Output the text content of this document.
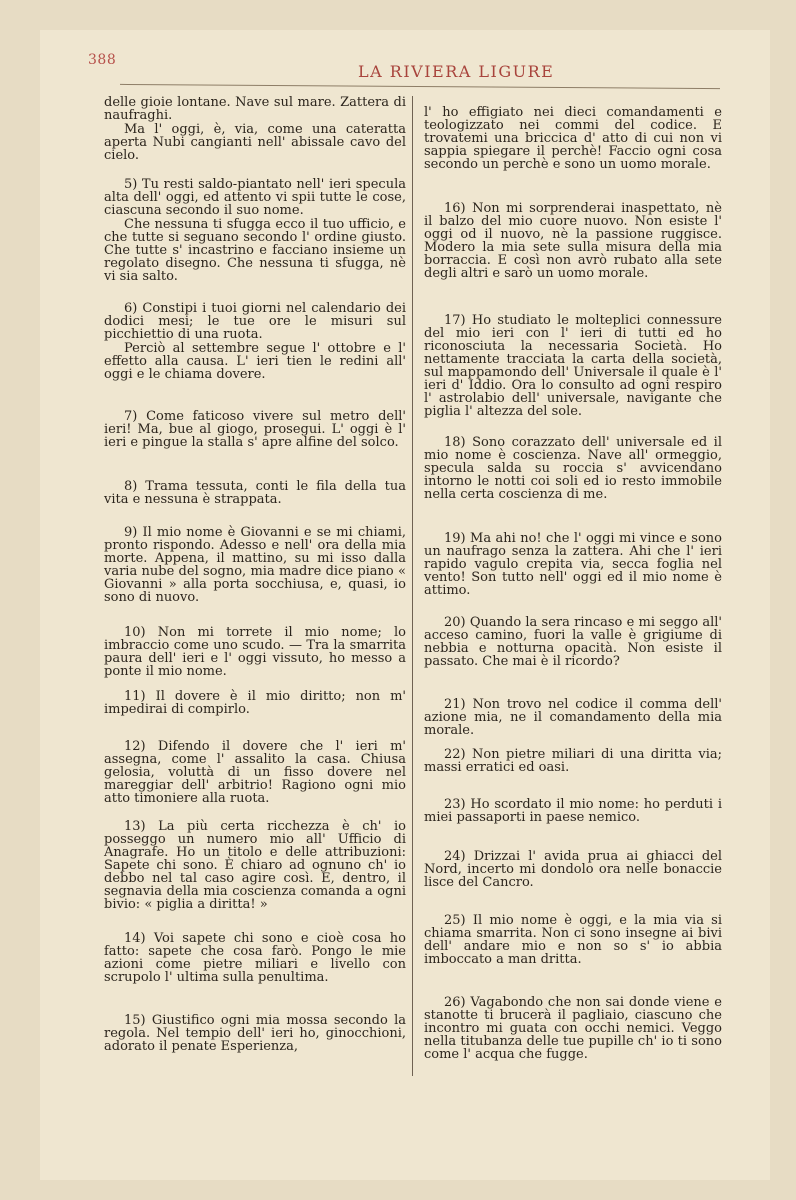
388
LA RIVIERA LIGURE

delle gioie lontane. Nave sul mare. Zattera di naufraghi.

Ma l' oggi, è, via, come una cateratta aperta Nubi cangianti nell' abissale cavo del cielo.

5) Tu resti saldo-piantato nell' ieri specula alta dell' oggi, ed attento vi spii tutte le cose, ciascuna secondo il suo nome.

Che nessuna ti sfugga ecco il tuo ufficio, e che tutte si seguano secondo l' ordine giusto. Che tutte s' incastrino e facciano insieme un regolato disegno. Che nessuna ti sfugga, nè vi sia salto.

6) Constipi i tuoi giorni nel calendario dei dodici mesi; le tue ore le misuri sul picchiettio di una ruota.

Perciò al settembre segue l' ottobre e l' effetto alla causa. L' ieri tien le redini all' oggi e le chiama dovere.

7) Come faticoso vivere sul metro dell' ieri! Ma, bue al giogo, prosegui. L' oggi è l' ieri e pingue la stalla s' apre alfine del solco.

8) Trama tessuta, conti le fila della tua vita e nessuna è strappata.

9) Il mio nome è Giovanni e se mi chiami, pronto rispondo. Adesso e nell' ora della mia morte. Appena, il mattino, su mi isso dalla varia nube del sogno, mia madre dice piano « Giovanni » alla porta socchiusa, e, quasi, io sono di nuovo.

10) Non mi torrete il mio nome; lo imbraccio come uno scudo. — Tra la smarrita paura dell' ieri e l' oggi vissuto, ho messo a ponte il mio nome.

11) Il dovere è il mio diritto; non m' impedirai di compirlo.

12) Difendo il dovere che l' ieri m' assegna, come l' assalito la casa. Chiusa gelosia, voluttà di un fisso dovere nel mareggiar dell' arbitrio! Ragiono ogni mio atto timoniere alla ruota.

13) La più certa ricchezza è ch' io posseggo un numero mio all' Ufficio di Anagrafe. Ho un titolo e delle attribuzioni: Sapete chi sono. È chiaro ad ognuno ch' io debbo nel tal caso agire così. E, dentro, il segnavia della mia coscienza comanda a ogni bivio: « piglia a diritta! »

14) Voi sapete chi sono e cioè cosa ho fatto: sapete che cosa farò. Pongo le mie azioni come pietre miliari e livello con scrupolo l' ultima sulla penultima.

15) Giustifico ogni mia mossa secondo la regola. Nel tempio dell' ieri ho, ginocchioni, adorato il penate Esperienza,

l' ho effigiato nei dieci comandamenti e teologizzato nei commi del codice. E trovatemi una briccica d' atto di cui non vi sappia spiegare il perchè! Faccio ogni cosa secondo un perchè e sono un uomo morale.

16) Non mi sorprenderai inaspettato, nè il balzo del mio cuore nuovo. Non esiste l' oggi od il nuovo, nè la passione ruggisce. Modero la mia sete sulla misura della mia borraccia. E così non avrò rubato alla sete degli altri e sarò un uomo morale.

17) Ho studiato le molteplici connessure del mio ieri con l' ieri di tutti ed ho riconosciuta la necessaria Società. Ho nettamente tracciata la carta della società, sul mappamondo dell' Universale il quale è l' ieri d' Iddio. Ora lo consulto ad ogni respiro l' astrolabio dell' universale, navigante che piglia l' altezza del sole.

18) Sono corazzato dell' universale ed il mio nome è coscienza. Nave all' ormeggio, specula salda su roccia s' avvicendano intorno le notti coi soli ed io resto immobile nella certa coscienza di me.

19) Ma ahi no! che l' oggi mi vince e sono un naufrago senza la zattera. Ahi che l' ieri rapido vagulo crepita via, secca foglia nel vento! Son tutto nell' oggi ed il mio nome è attimo.

20) Quando la sera rincaso e mi seggo all' acceso camino, fuori la valle è grigiume di nebbia e notturna opacità. Non esiste il passato. Che mai è il ricordo?

21) Non trovo nel codice il comma dell' azione mia, ne il comandamento della mia morale.

22) Non pietre miliari di una diritta via; massi erratici ed oasi.

23) Ho scordato il mio nome: ho perduti i miei passaporti in paese nemico.

24) Drizzai l' avida prua ai ghiacci del Nord, incerto mi dondolo ora nelle bonaccie lisce del Cancro.

25) Il mio nome è oggi, e la mia via si chiama smarrita. Non ci sono insegne ai bivi dell' andare mio e non so s' io abbia imboccato a man dritta.

26) Vagabondo che non sai donde viene e stanotte ti brucerà il pagliaio, ciascuno che incontro mi guata con occhi nemici. Veggo nella titubanza delle tue pupille ch' io ti sono come l' acqua che fugge.
